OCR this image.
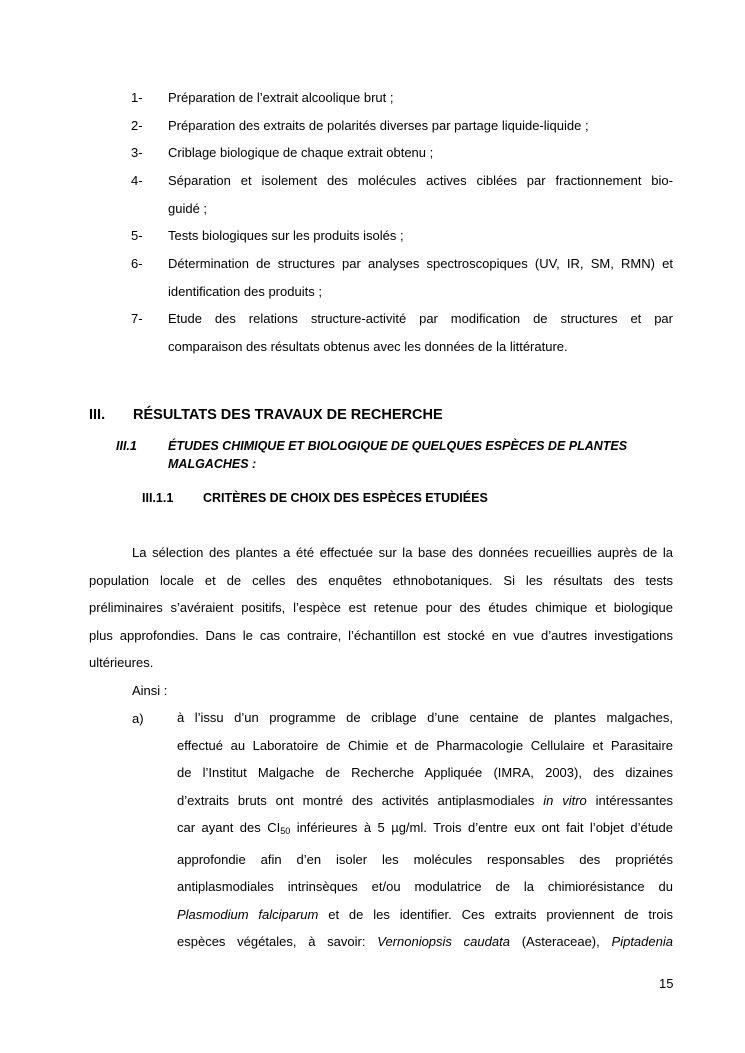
1- Préparation de l’extrait alcoolique brut ;
2- Préparation des extraits de polarités diverses par partage liquide-liquide ;
3- Criblage biologique de chaque extrait obtenu ;
4- Séparation et isolement des molécules actives ciblées par fractionnement bio-
guidé ;
5- Tests biologiques sur les produits isolés ;
6- Détermination de structures par analyses spectroscopiques (UV, IR, SM, RMN) et
identification des produits ;
7- Etude des relations structure-activité par modification de structures et par
comparaison des résultats obtenus avec les données de la littérature.
III. RÉSULTATS DES TRAVAUX DE RECHERCHE
III.1 ÉTUDES CHIMIQUE ET BIOLOGIQUE DE QUELQUES ESPÈCES DE PLANTES
MALGACHES :
III.1.1 CRITÈRES DE CHOIX DES ESPÈCES ETUDIÉES
La sélection des plantes a été effectuée sur la base des données recueillies auprès de la
population locale et de celles des enquêtes ethnobotaniques. Si les résultats des tests
préliminaires s’avéraient positifs, l’espèce est retenue pour des études chimique et biologique
plus approfondies. Dans le cas contraire, l’échantillon est stocké en vue d’autres investigations
ultérieures.
Ainsi :
a)	à l’issu d’un programme de criblage d’une centaine de plantes malgaches,
effectué au Laboratoire de Chimie et de Pharmacologie Cellulaire et Parasitaire
de l’Institut Malgache de Recherche Appliquée (IMRA, 2003), des dizaines
d’extraits bruts ont montré des activités antiplasmodiales in vitro intéressantes
car ayant des $CI_{50}$ inférieures à 5 µg/ml. Trois d’entre eux ont fait l’objet d’étude
approfondie afin d’en isoler les molécules responsables des propriétés
antiplasmodiales intrinsèques et/ou modulatrice de la chimiorésistance du
Plasmodium falciparum et de les identifier. Ces extraits proviennent de trois
espèces végétales, à savoir: Vernoniopsis caudata (Asteraceae), Piptadenia
15
